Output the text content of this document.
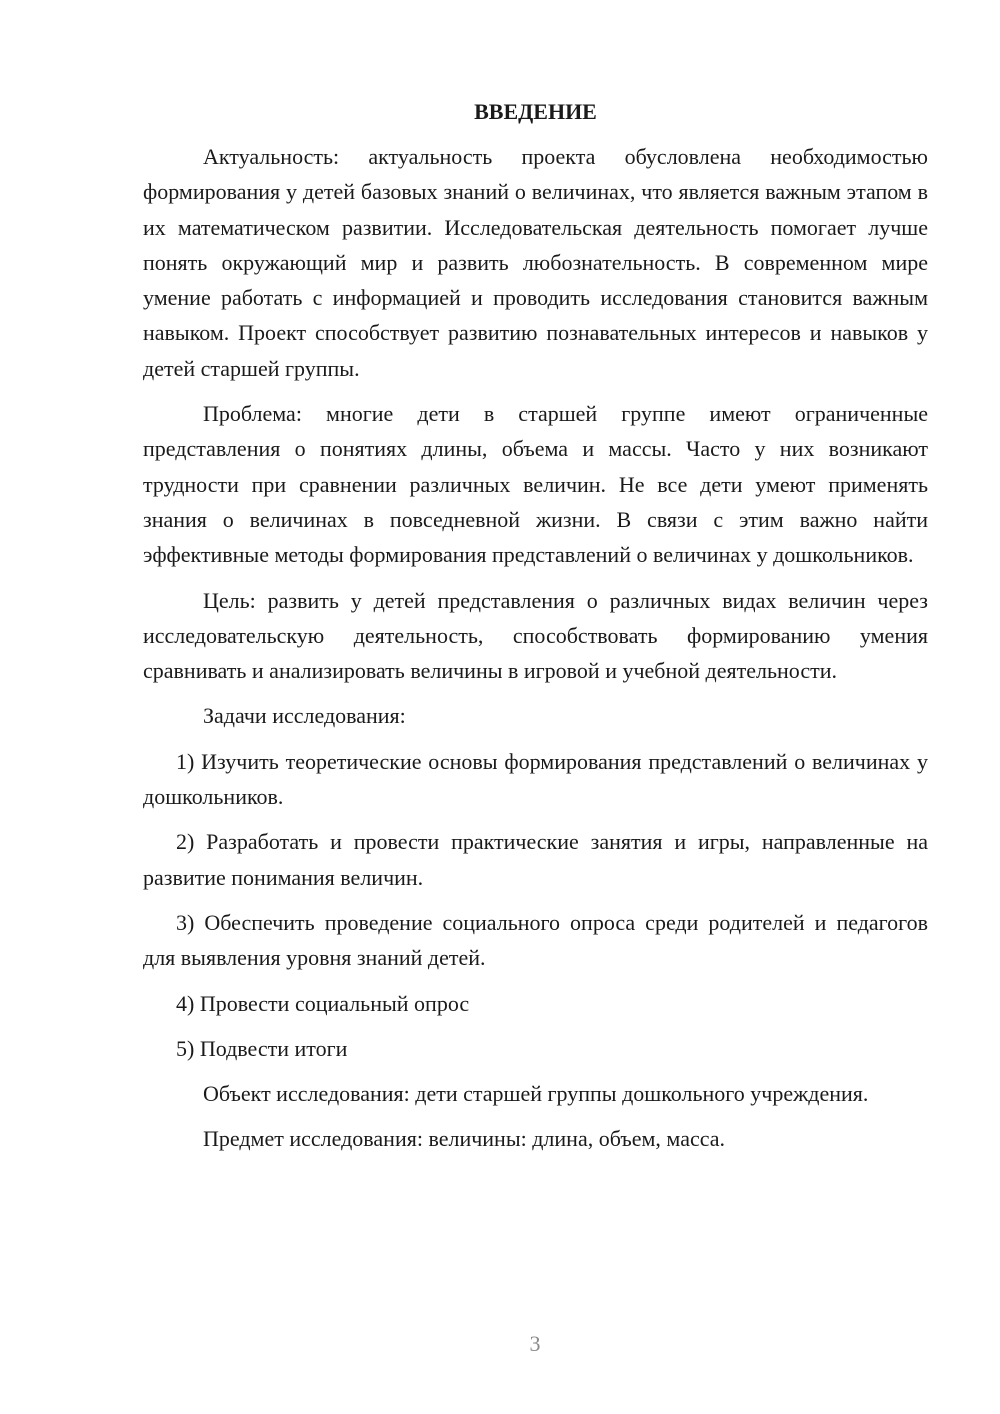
ВВЕДЕНИЕ

Актуальность: актуальность проекта обусловлена необходимостью формирования у детей базовых знаний о величинах, что является важным этапом в их математическом развитии. Исследовательская деятельность помогает лучше понять окружающий мир и развить любознательность. В современном мире умение работать с информацией и проводить исследования становится важным навыком. Проект способствует развитию познавательных интересов и навыков у детей старшей группы.

Проблема: многие дети в старшей группе имеют ограниченные представления о понятиях длины, объема и массы. Часто у них возникают трудности при сравнении различных величин. Не все дети умеют применять знания о величинах в повседневной жизни. В связи с этим важно найти эффективные методы формирования представлений о величинах у дошкольников.

Цель: развить у детей представления о различных видах величин через исследовательскую деятельность, способствовать формированию умения сравнивать и анализировать величины в игровой и учебной деятельности.

Задачи исследования:

1) Изучить теоретические основы формирования представлений о величинах у дошкольников.

2) Разработать и провести практические занятия и игры, направленные на развитие понимания величин.

3) Обеспечить проведение социального опроса среди родителей и педагогов для выявления уровня знаний детей.

4) Провести социальный опрос

5) Подвести итоги

Объект исследования: дети старшей группы дошкольного учреждения.

Предмет исследования: величины: длина, объем, масса.

3
